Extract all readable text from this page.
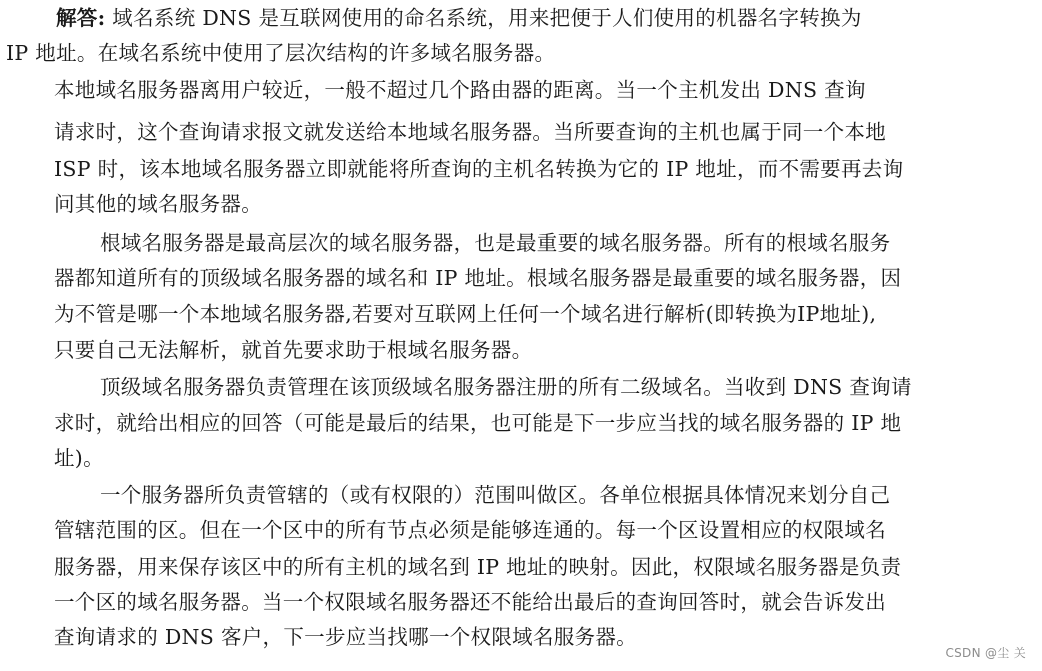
解答: 域名系统 DNS 是互联网使用的命名系统，用来把便于人们使用的机器名字转换为
IP 地址。在域名系统中使用了层次结构的许多域名服务器。
本地域名服务器离用户较近，一般不超过几个路由器的距离。当一个主机发出 DNS 查询
请求时，这个查询请求报文就发送给本地域名服务器。当所要查询的主机也属于同一个本地
ISP 时，该本地域名服务器立即就能将所查询的主机名转换为它的 IP 地址，而不需要再去询
问其他的域名服务器。
根域名服务器是最高层次的域名服务器，也是最重要的域名服务器。所有的根域名服务
器都知道所有的顶级域名服务器的域名和 IP 地址。根域名服务器是最重要的域名服务器，因
为不管是哪一个本地域名服务器,若要对互联网上任何一个域名进行解析(即转换为IP地址),
只要自己无法解析，就首先要求助于根域名服务器。
顶级域名服务器负责管理在该顶级域名服务器注册的所有二级域名。当收到 DNS 查询请
求时，就给出相应的回答（可能是最后的结果，也可能是下一步应当找的域名服务器的 IP 地
址)。
一个服务器所负责管辖的（或有权限的）范围叫做区。各单位根据具体情况来划分自己
管辖范围的区。但在一个区中的所有节点必须是能够连通的。每一个区设置相应的权限域名
服务器，用来保存该区中的所有主机的域名到 IP 地址的映射。因此，权限域名服务器是负责
一个区的域名服务器。当一个权限域名服务器还不能给出最后的查询回答时，就会告诉发出
查询请求的 DNS 客户，下一步应当找哪一个权限域名服务器。
CSDN @尘 关
